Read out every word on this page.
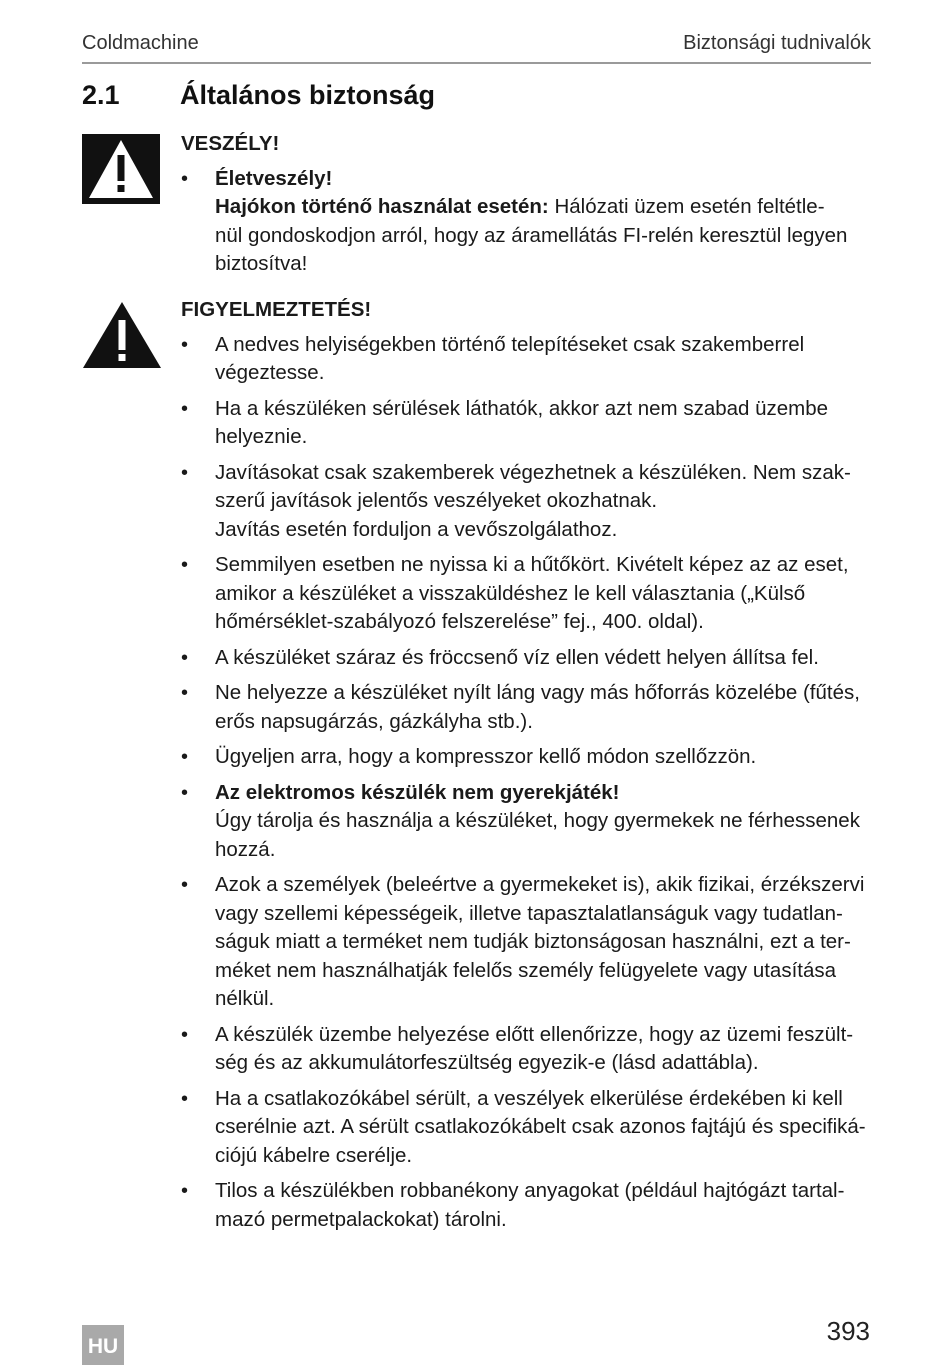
Coldmachine	Biztonsági tudnivalók
2.1 Általános biztonság
VESZÉLY!
• Életveszély!
Hajókon történő használat esetén: Hálózati üzem esetén feltétle-
nül gondoskodjon arról, hogy az áramellátás FI-relén keresztül legyen
biztosítva!
FIGYELMEZTETÉS!
• A nedves helyiségekben történő telepítéseket csak szakemberrel
végeztesse.
• Ha a készüléken sérülések láthatók, akkor azt nem szabad üzembe
helyeznie.
• Javításokat csak szakemberek végezhetnek a készüléken. Nem szak-
szerű javítások jelentős veszélyeket okozhatnak.
Javítás esetén forduljon a vevőszolgálathoz.
• Semmilyen esetben ne nyissa ki a hűtőkört. Kivételt képez az az eset,
amikor a készüléket a visszaküldéshez le kell választania („Külső
hőmérséklet-szabályozó felszerelése” fej., 400. oldal).
• A készüléket száraz és fröccsenő víz ellen védett helyen állítsa fel.
• Ne helyezze a készüléket nyílt láng vagy más hőforrás közelébe (fűtés,
erős napsugárzás, gázkályha stb.).
• Ügyeljen arra, hogy a kompresszor kellő módon szellőzzön.
• Az elektromos készülék nem gyerekjáték!
Úgy tárolja és használja a készüléket, hogy gyermekek ne férhessenek
hozzá.
• Azok a személyek (beleértve a gyermekeket is), akik fizikai, érzékszervi
vagy szellemi képességeik, illetve tapasztalatlanságuk vagy tudatlan-
ságuk miatt a terméket nem tudják biztonságosan használni, ezt a ter-
méket nem használhatják felelős személy felügyelete vagy utasítása
nélkül.
• A készülék üzembe helyezése előtt ellenőrizze, hogy az üzemi feszült-
ség és az akkumulátorfeszültség egyezik-e (lásd adattábla).
• Ha a csatlakozókábel sérült, a veszélyek elkerülése érdekében ki kell
cserélnie azt. A sérült csatlakozókábelt csak azonos fajtájú és specifiká-
ciójú kábelre cserélje.
• Tilos a készülékben robbanékony anyagokat (például hajtógázt tartal-
mazó permetpalackokat) tárolni.
HU
393
